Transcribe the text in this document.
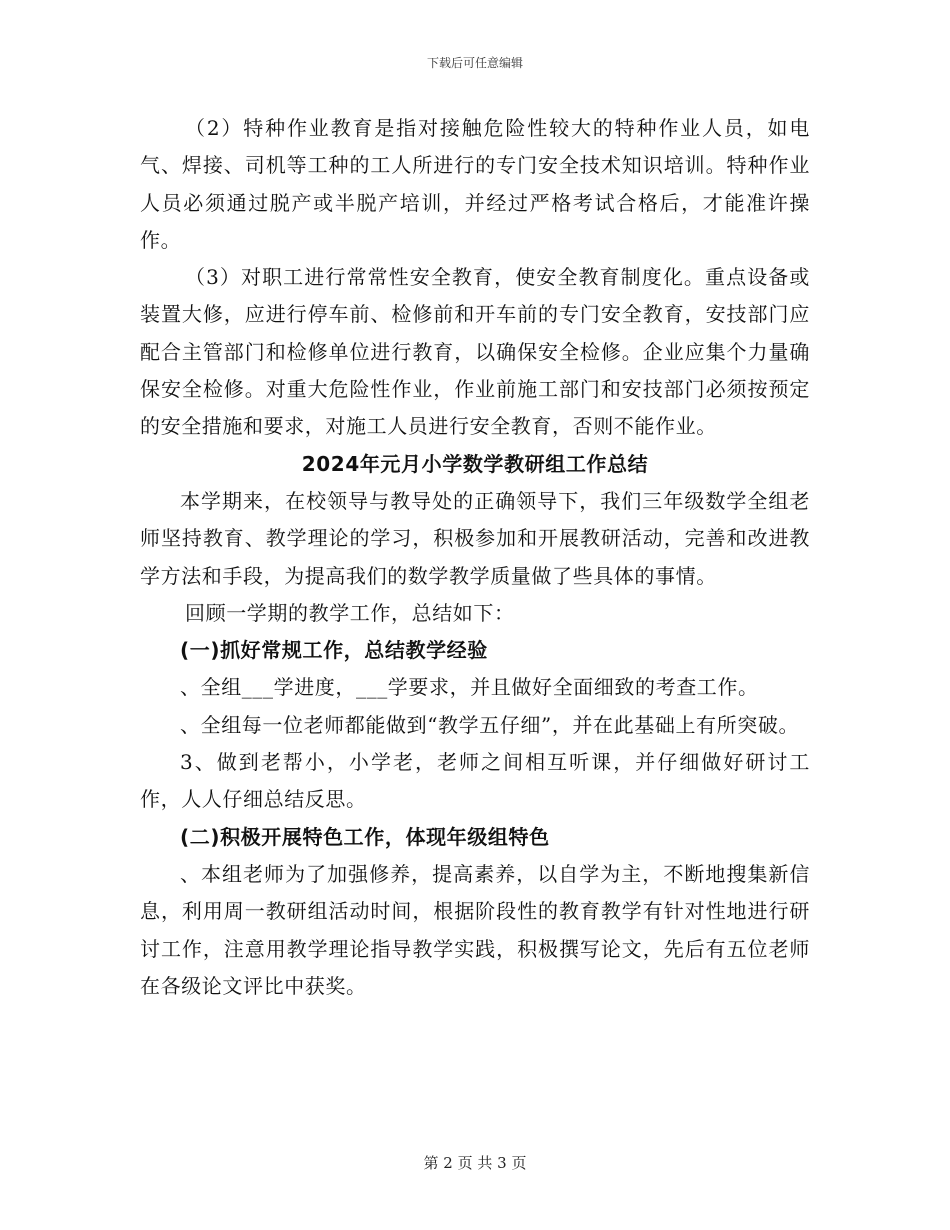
下载后可任意编辑

（2）特种作业教育是指对接触危险性较大的特种作业人员，如电气、焊接、司机等工种的工人所进行的专门安全技术知识培训。特种作业人员必须通过脱产或半脱产培训，并经过严格考试合格后，才能准许操作。

（3）对职工进行常常性安全教育，使安全教育制度化。重点设备或装置大修，应进行停车前、检修前和开车前的专门安全教育，安技部门应配合主管部门和检修单位进行教育，以确保安全检修。企业应集个力量确保安全检修。对重大危险性作业，作业前施工部门和安技部门必须按预定的安全措施和要求，对施工人员进行安全教育，否则不能作业。

2024年元月小学数学教研组工作总结

本学期来，在校领导与教导处的正确领导下，我们三年级数学全组老师坚持教育、教学理论的学习，积极参加和开展教研活动，完善和改进教学方法和手段，为提高我们的数学教学质量做了些具体的事情。

回顾一学期的教学工作，总结如下：

(一)抓好常规工作，总结教学经验

、全组___学进度，___学要求，并且做好全面细致的考查工作。

、全组每一位老师都能做到“教学五仔细”，并在此基础上有所突破。

3、做到老帮小，小学老，老师之间相互听课，并仔细做好研讨工作，人人仔细总结反思。

(二)积极开展特色工作，体现年级组特色

、本组老师为了加强修养，提高素养，以自学为主，不断地搜集新信息，利用周一教研组活动时间，根据阶段性的教育教学有针对性地进行研讨工作，注意用教学理论指导教学实践，积极撰写论文，先后有五位老师在各级论文评比中获奖。

第 2 页 共 3 页
